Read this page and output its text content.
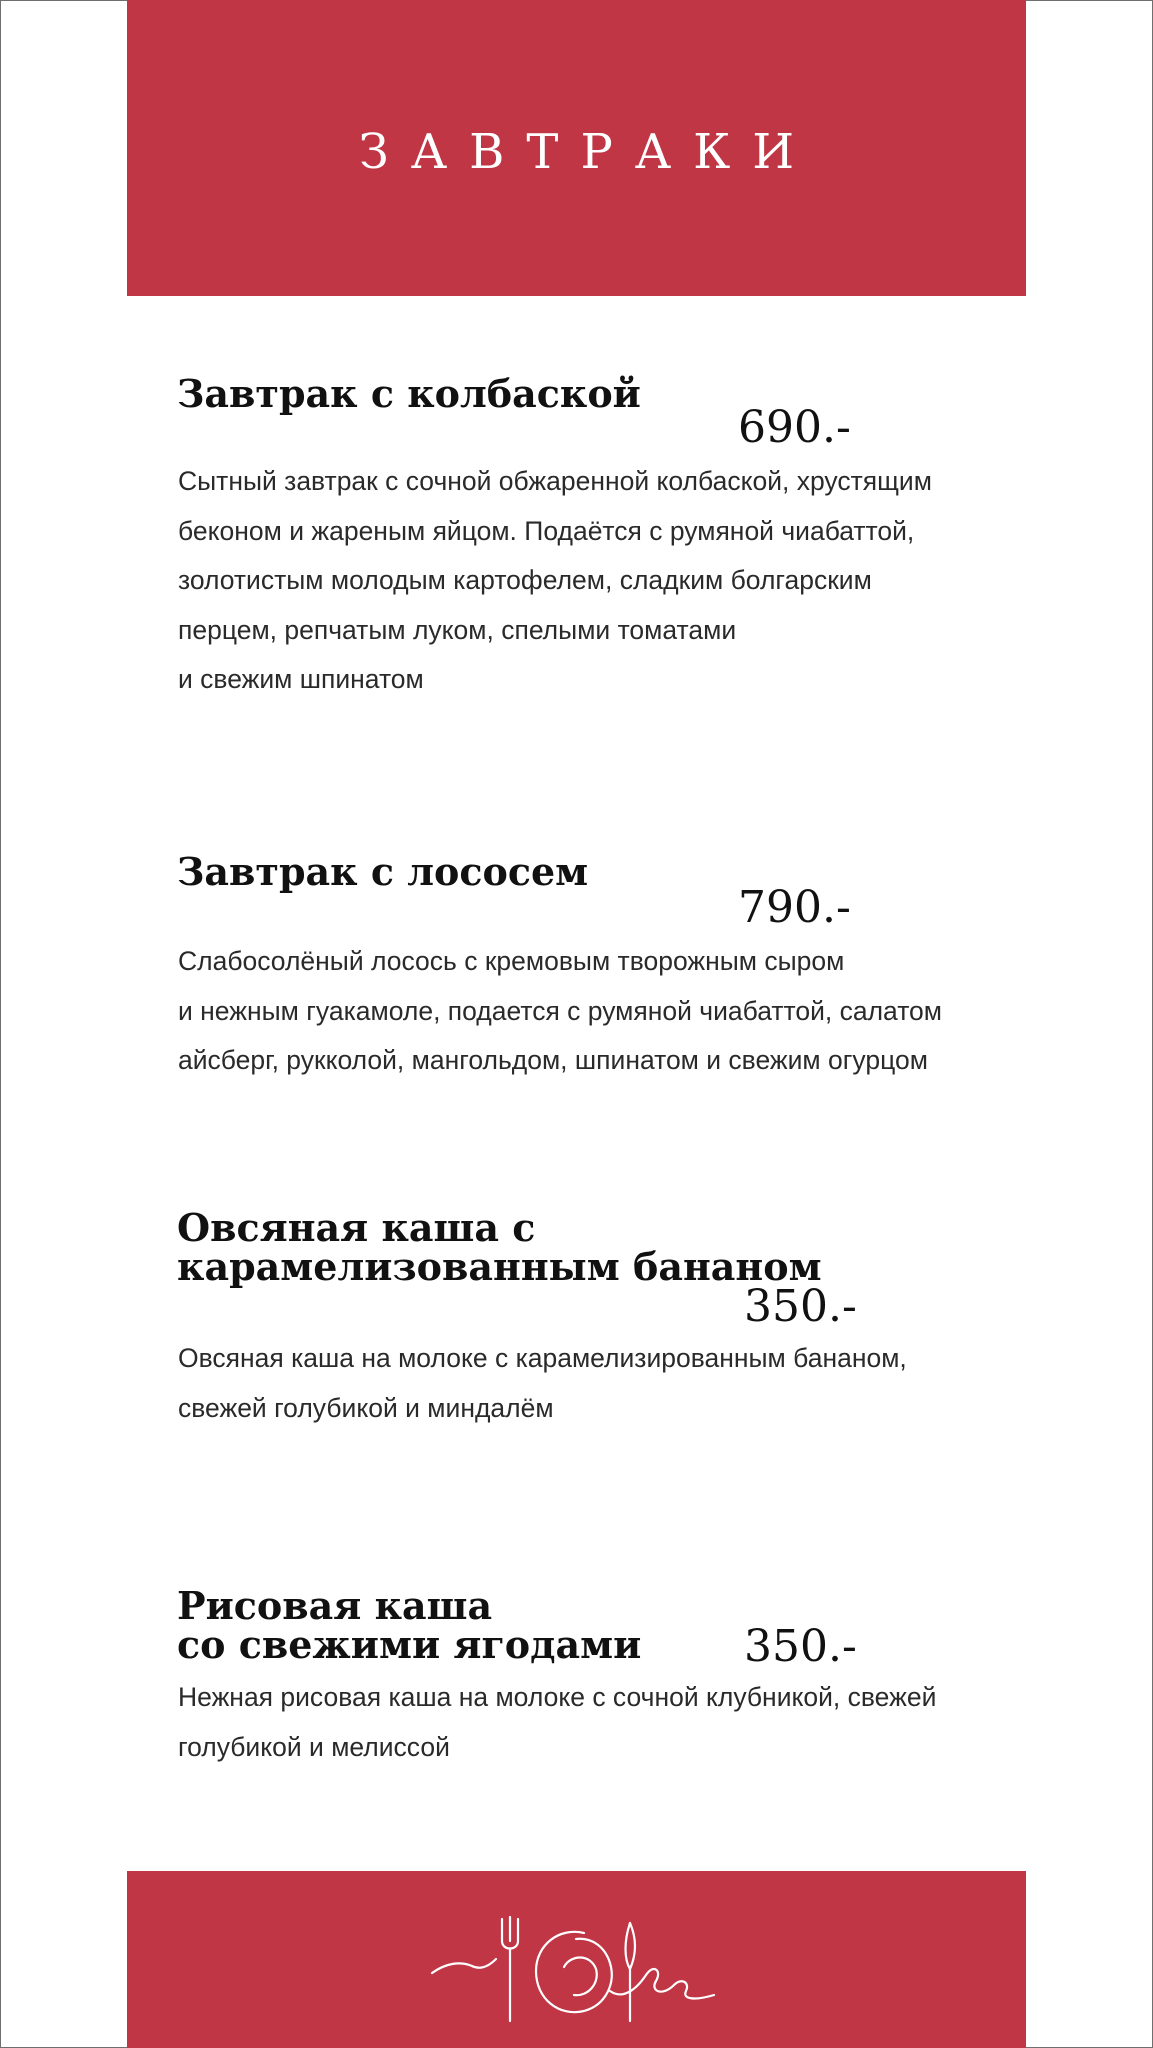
ЗАВТРАКИ
Завтрак с колбаской
690.-
Сытный завтрак с сочной обжаренной колбаской, хрустящим
беконом и жареным яйцом. Подаётся с румяной чиабаттой,
золотистым молодым картофелем, сладким болгарским
перцем, репчатым луком, спелыми томатами
и свежим шпинатом
Завтрак с лососем
790.-
Слабосолёный лосось с кремовым творожным сыром
и нежным гуакамоле, подается с румяной чиабаттой, салатом
айсберг, рукколой, мангольдом, шпинатом и свежим огурцом
Овсяная каша с
карамелизованным бананом
350.-
Овсяная каша на молоке с карамелизированным бананом,
свежей голубикой и миндалём
Рисовая каша
со свежими ягодами 350.-
Нежная рисовая каша на молоке с сочной клубникой, свежей
голубикой и мелиссой
